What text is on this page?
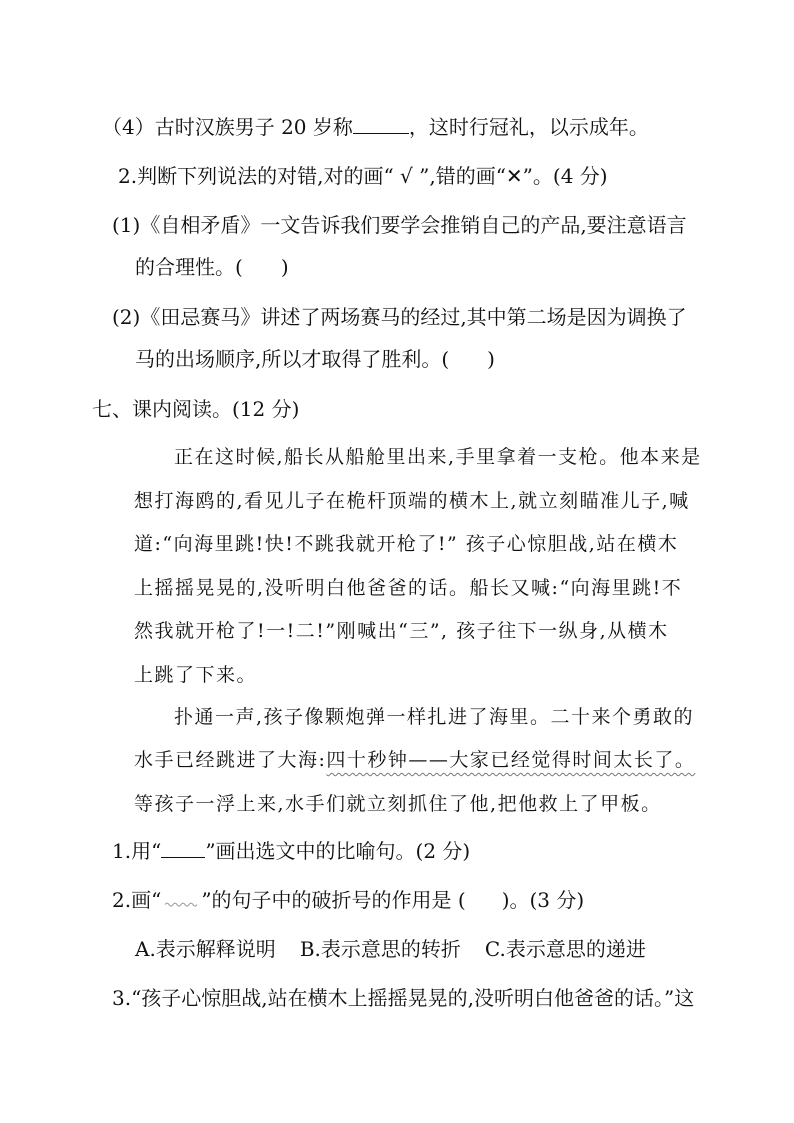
（4）古时汉族男子 20 岁称	，这时行冠礼，以示成年。
2.判断下列说法的对错,对的画“ √ ”,错的画“✕”。(4 分)
(1)《自相矛盾》一文告诉我们要学会推销自己的产品,要注意语言
的合理性。( )
(2)《田忌赛马》讲述了两场赛马的经过,其中第二场是因为调换了
马的出场顺序,所以才取得了胜利。( )
七、课内阅读。(12 分)
正在这时候,船长从船舱里出来,手里拿着一支枪。他本来是
想打海鸥的,看见儿子在桅杆顶端的横木上,就立刻瞄准儿子,喊
道:“向海里跳!快!不跳我就开枪了!” 孩子心惊胆战,站在横木
上摇摇晃晃的,没听明白他爸爸的话。船长又喊:“向海里跳!不
然我就开枪了!一!二!”刚喊出“三”, 孩子往下一纵身,从横木
上跳了下来。
扑通一声,孩子像颗炮弹一样扎进了海里。二十来个勇敢的
水手已经跳进了大海:四十秒钟——大家已经觉得时间太长了。
等孩子一浮上来,水手们就立刻抓住了他,把他救上了甲板。
1.用“ ”画出选文中的比喻句。(2 分)
2.画“ ”的句子中的破折号的作用是 ( )。(3 分)
A.表示解释说明 B.表示意思的转折 C.表示意思的递进
3.“孩子心惊胆战,站在横木上摇摇晃晃的,没听明白他爸爸的话。”这
